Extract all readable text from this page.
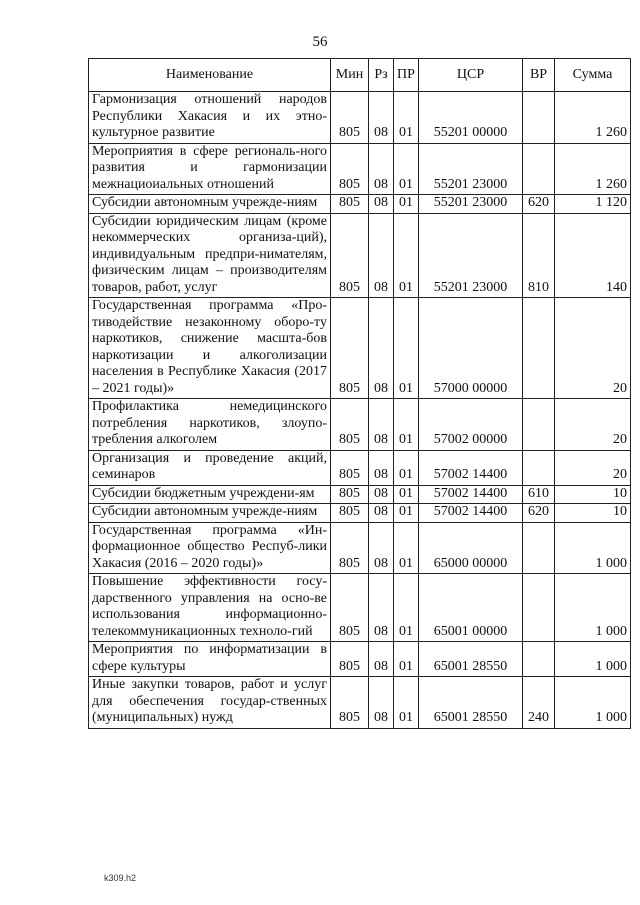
56
Наименование	Мин	Рз	ПР	ЦСР	ВР	Сумма
Гармонизация отношений народов Республики Хакасия и их этно-культурное развитие	805	08	01	55201 00000		1 260
Мероприятия в сфере региональ-ного развития и гармонизации межнациоиальных отношений	805	08	01	55201 23000		1 260
Субсидии автономным учрежде-ниям	805	08	01	55201 23000	620	1 120
Субсидии юридическим лицам (кроме некоммерческих организа-ций), индивидуальным предпри-нимателям, физическим лицам – производителям товаров, работ, услуг	805	08	01	55201 23000	810	140
Государственная программа «Про-тиводействие незаконному оборо-ту наркотиков, снижение масшта-бов наркотизации и алкоголизации населения в Республике Хакасия (2017 – 2021 годы)»	805	08	01	57000 00000		20
Профилактика немедицинского потребления наркотиков, злоупо-требления алкоголем	805	08	01	57002 00000		20
Организация и проведение акций, семинаров	805	08	01	57002 14400		20
Субсидии бюджетным учреждени-ям	805	08	01	57002 14400	610	10
Субсидии автономным учрежде-ниям	805	08	01	57002 14400	620	10
Государственная программа «Ин-формационное общество Респуб-лики Хакасия (2016 – 2020 годы)»	805	08	01	65000 00000		1 000
Повышение эффективности госу-дарственного управления на осно-ве использования информационно-телекоммуникационных техноло-гий	805	08	01	65001 00000		1 000
Мероприятия по информатизации в сфере культуры	805	08	01	65001 28550		1 000
Иные закупки товаров, работ и услуг для обеспечения государ-ственных (муниципальных) нужд	805	08	01	65001 28550	240	1 000
k309.h2
